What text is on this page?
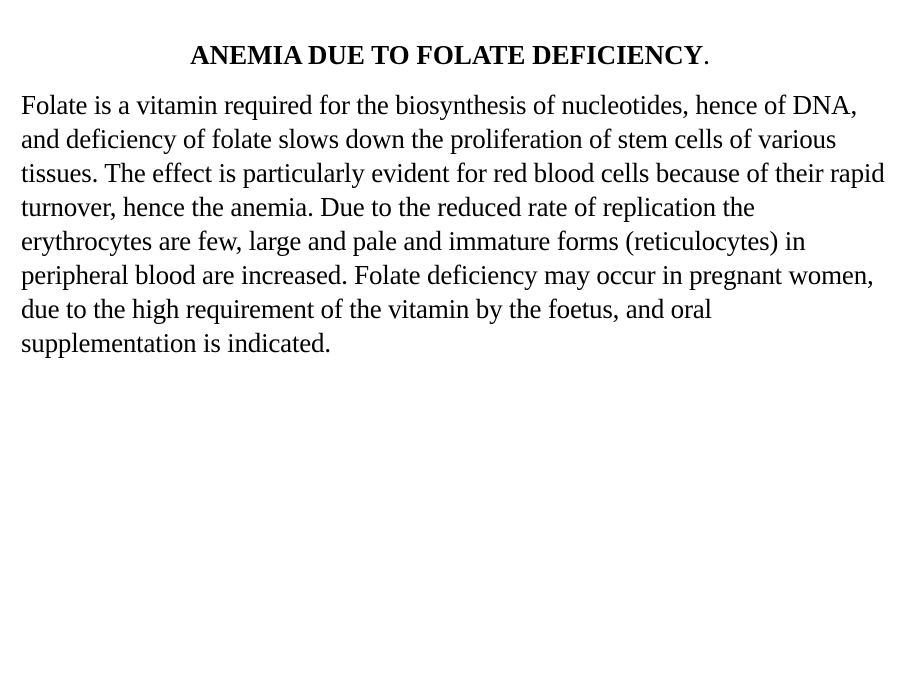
ANEMIA DUE TO FOLATE DEFICIENCY.

Folate is a vitamin required for the biosynthesis of nucleotides, hence of DNA, and deficiency of folate slows down the proliferation of stem cells of various tissues. The effect is particularly evident for red blood cells because of their rapid turnover, hence the anemia. Due to the reduced rate of replication the erythrocytes are few, large and pale and immature forms (reticulocytes) in peripheral blood are increased. Folate deficiency may occur in pregnant women, due to the high requirement of the vitamin by the foetus, and oral supplementation is indicated.
